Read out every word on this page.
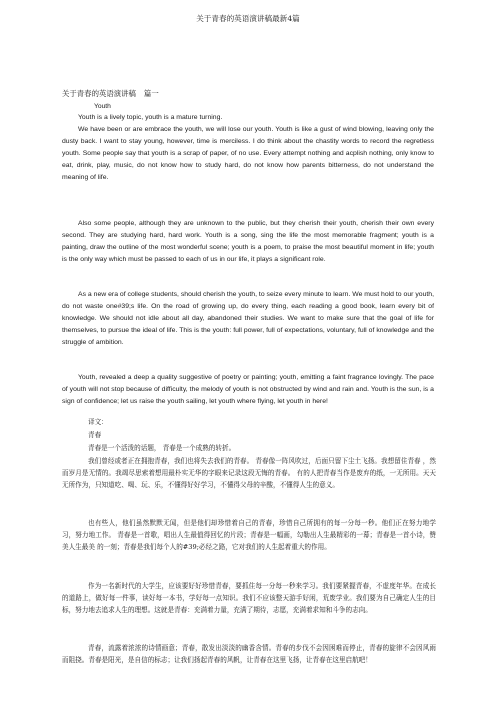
关于青春的英语演讲稿最新4篇
关于青春的英语演讲稿 篇一
Youth
Youth is a lively topic, youth is a mature turning.
We have been or are embrace the youth, we will lose our youth. Youth is like a gust of wind blowing, leaving only the dusty back. I want to stay young, however, time is merciless. I do think about the chastity words to record the regretless youth. Some people say that youth is a scrap of paper, of no use. Every attempt nothing and acplish nothing, only know to eat, drink, play, music, do not know how to study hard, do not know how parents bitterness, do not understand the meaning of life.
Also some people, although they are unknown to the public, but they cherish their youth, cherish their own every second. They are studying hard, hard work. Youth is a song, sing the life the most memorable fragment; youth is a painting, draw the outline of the most wonderful scene; youth is a poem, to praise the most beautiful moment in life; youth is the only way which must be passed to each of us in our life, it plays a significant role.
As a new era of college students, should cherish the youth, to seize every minute to learn. We must hold to our youth, do not waste one#39;s life. On the road of growing up, do every thing, each reading a good book, learn every bit of knowledge. We should not idle about all day, abandoned their studies. We want to make sure that the goal of life for themselves, to pursue the ideal of life. This is the youth: full power, full of expectations, voluntary, full of knowledge and the struggle of ambition.
Youth, revealed a deep a quality suggestive of poetry or painting; youth, emitting a faint fragrance lovingly. The pace of youth will not stop because of difficulty, the melody of youth is not obstructed by wind and rain and. Youth is the sun, is a sign of confidence; let us raise the youth sailing, let youth where flying, let youth in here!
译文：
青春
青春是一个活泼的话题， 青春是一个成熟的转折。
我们曾经或者正在拥抱青春，我们也将失去我们的青春。 青春像一阵风吹过，后面只留下尘土飞扬。我想留住青春 ，然而岁月是无情的。我竭尽思索着想用最朴实无华的字眼来记录这段无悔的青春。 有的人把青春当作是废弃的纸，一无所用。天天无所作为，只知道吃、喝、玩、乐，不懂得好好学习，不懂得父母的辛酸，不懂得人生的意义。
也有些人，他们虽然默默无闻，但是他们却珍惜着自己的青春，珍惜自己所拥有的每一分每一秒。他们正在努力地学习，努力地工作。 青春是一首歌，唱出人生最值得回忆的片段；青春是一幅画，勾勒出人生最精彩的一幕；青春是一首小诗，赞美人生最美 的一刻；青春是我们每个人的#39;必经之路，它对我们的人生起着重大的作用。
作为一名新时代的大学生，应该要好好珍惜青春，要抓住每一分每一秒来学习。我们要紧握青春，不虚度年华。在成长的道路上，做好每一件事，读好每一本书，学好每一点知识。我们不应该整天游手好闲，荒废学业。我们要为自己确定人生的目标，努力地去追求人生的理想。这就是青春：充满着力量，充满了期待，志愿，充满着求知和斗争的志向。
青春，流露着浓浓的诗情画意；青春，散发出淡淡的幽香含情。青春的步伐不会因困难而停止，青春的旋律不会因风雨而阻挠。青春是阳光，是自信的标志；让我们扬起青春的风帆，让青春在这里飞扬，让青春在这里启航吧！
